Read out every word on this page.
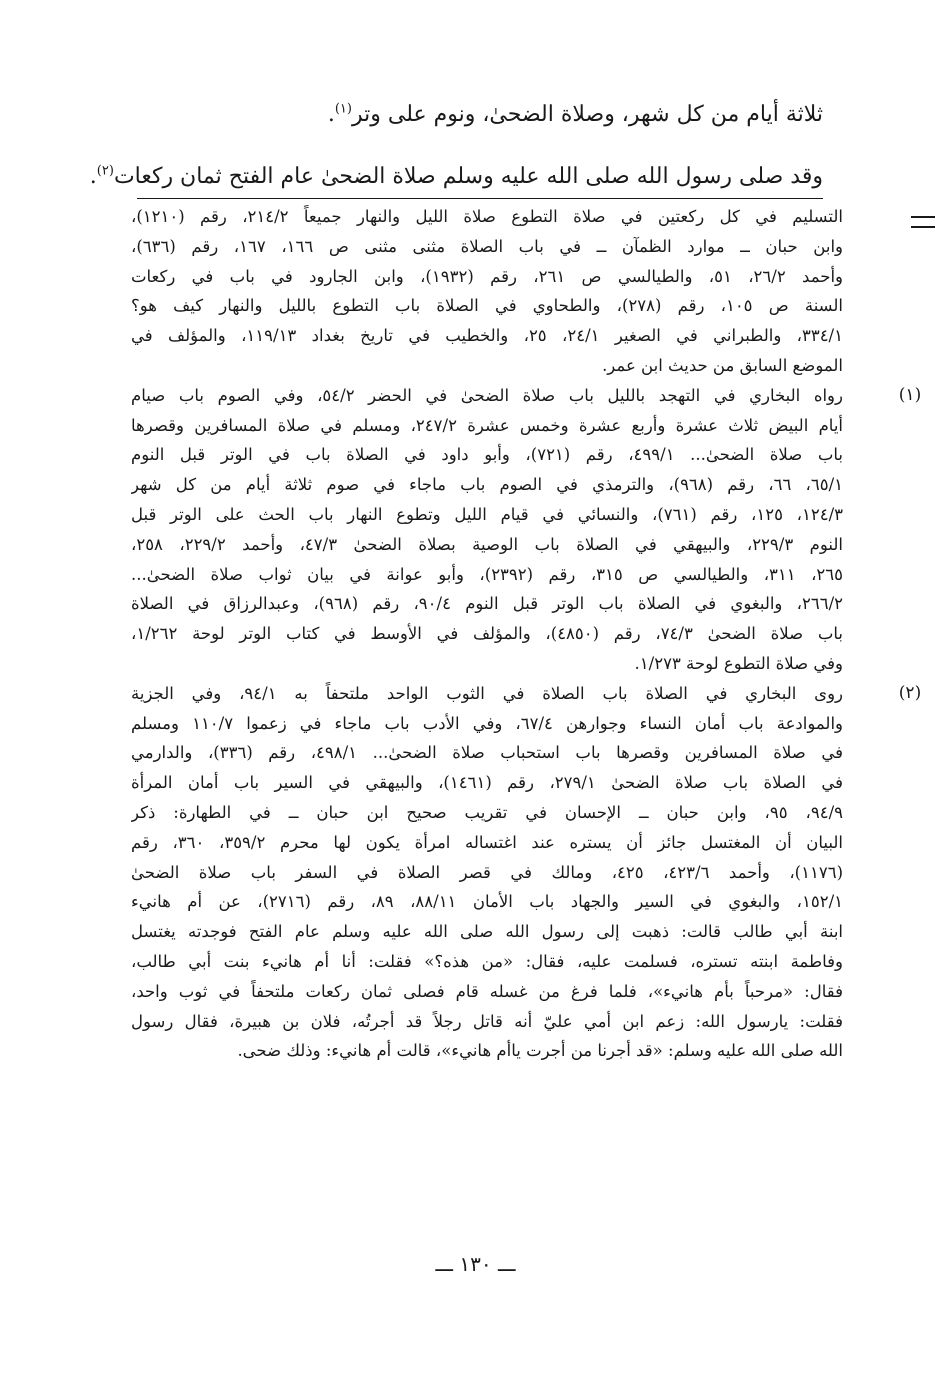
ثلاثة أيام من كل شهر، وصلاة الضحىٰ، ونوم على وتر$^{(١)}$.
وقد صلى رسول الله صلى الله عليه وسلم صلاة الضحىٰ عام الفتح ثمان ركعات$^{(٢)}$.
التسليم في كل ركعتين في صلاة التطوع صلاة الليل والنهار جميعاً ٢١٤/٢، رقم (١٢١٠)،
وابن حبان ــ موارد الظمآن ــ في باب الصلاة مثنى مثنى ص ١٦٦، ١٦٧، رقم (٦٣٦)،
وأحمد ٢٦/٢، ٥١، والطيالسي ص ٢٦١، رقم (١٩٣٢)، وابن الجارود في باب في ركعات
السنة ص ١٠٥، رقم (٢٧٨)، والطحاوي في الصلاة باب التطوع بالليل والنهار كيف هو؟
٣٣٤/١، والطبراني في الصغير ٢٤/١، ٢٥، والخطيب في تاريخ بغداد ١١٩/١٣، والمؤلف في
الموضع السابق من حديث ابن عمر.
(١)
رواه البخاري في التهجد بالليل باب صلاة الضحىٰ في الحضر ٥٤/٢، وفي الصوم باب صيام
أيام البيض ثلاث عشرة وأربع عشرة وخمس عشرة ٢٤٧/٢، ومسلم في صلاة المسافرين وقصرها
باب صلاة الضحىٰ... ٤٩٩/١، رقم (٧٢١)، وأبو داود في الصلاة باب في الوتر قبل النوم
٦٥/١، ٦٦، رقم (٩٦٨)، والترمذي في الصوم باب ماجاء في صوم ثلاثة أيام من كل شهر
١٢٤/٣، ١٢٥، رقم (٧٦١)، والنسائي في قيام الليل وتطوع النهار باب الحث على الوتر قبل
النوم ٢٢٩/٣، والبيهقي في الصلاة باب الوصية بصلاة الضحىٰ ٤٧/٣، وأحمد ٢٢٩/٢، ٢٥٨،
٢٦٥، ٣١١، والطيالسي ص ٣١٥، رقم (٢٣٩٢)، وأبو عوانة في بيان ثواب صلاة الضحىٰ...
٢٦٦/٢، والبغوي في الصلاة باب الوتر قبل النوم ٩٠/٤، رقم (٩٦٨)، وعبدالرزاق في الصلاة
باب صلاة الضحىٰ ٧٤/٣، رقم (٤٨٥٠)، والمؤلف في الأوسط في كتاب الوتر لوحة ١/٢٦٢،
وفي صلاة التطوع لوحة ١/٢٧٣.
(٢)
روى البخاري في الصلاة باب الصلاة في الثوب الواحد ملتحفاً به ٩٤/١، وفي الجزية
والموادعة باب أمان النساء وجوارهن ٦٧/٤، وفي الأدب باب ماجاء في زعموا ١١٠/٧ ومسلم
في صلاة المسافرين وقصرها باب استحباب صلاة الضحىٰ... ٤٩٨/١، رقم (٣٣٦)، والدارمي
في الصلاة باب صلاة الضحىٰ ٢٧٩/١، رقم (١٤٦١)، والبيهقي في السير باب أمان المرأة
٩٤/٩، ٩٥، وابن حبان ــ الإحسان في تقريب صحيح ابن حبان ــ في الطهارة: ذكر
البيان أن المغتسل جائز أن يستره عند اغتساله امرأة يكون لها محرم ٣٥٩/٢، ٣٦٠، رقم
(١١٧٦)، وأحمد ٤٢٣/٦، ٤٢٥، ومالك في قصر الصلاة في السفر باب صلاة الضحىٰ
١٥٢/١، والبغوي في السير والجهاد باب الأمان ٨٨/١١، ٨٩، رقم (٢٧١٦)، عن أم هانيء
ابنة أبي طالب قالت: ذهبت إلى رسول الله صلى الله عليه وسلم عام الفتح فوجدته يغتسل
وفاطمة ابنته تستره، فسلمت عليه، فقال: «من هذه؟» فقلت: أنا أم هانيء بنت أبي طالب،
فقال: «مرحباً بأم هانيء»، فلما فرغ من غسله قام فصلى ثمان ركعات ملتحفاً في ثوب واحد،
فقلت: يارسول الله: زعم ابن أمي عليّ أنه قاتل رجلاً قد أجرتُه، فلان بن هبيرة، فقال رسول
الله صلى الله عليه وسلم: «قد أجرنا من أجرت ياأم هانيء»، قالت أم هانيء: وذلك ضحى.
ـــ ١٣٠ ـــ
